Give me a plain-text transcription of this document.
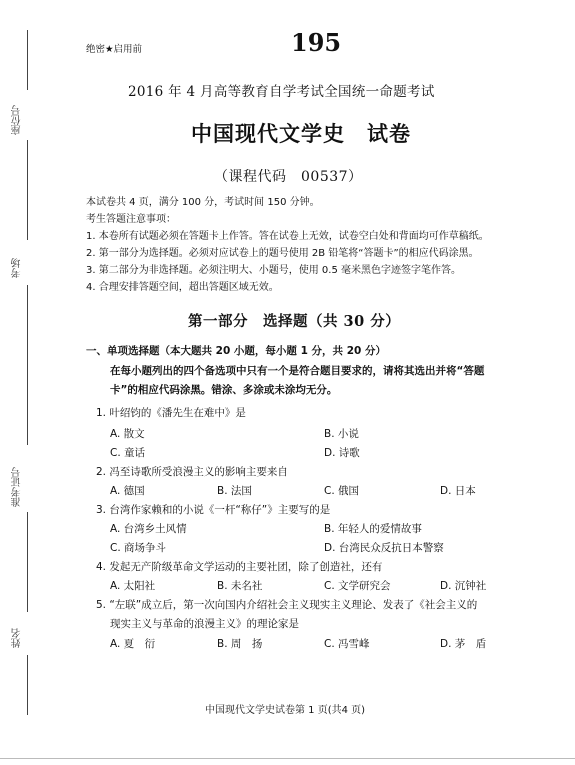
座位号
考场
准考证号
姓名
绝密★启用前	195
2016 年 4 月高等教育自学考试全国统一命题考试
中国现代文学史　试卷
（课程代码　00537）
本试卷共 4 页，满分 100 分，考试时间 150 分钟。
考生答题注意事项：
1. 本卷所有试题必须在答题卡上作答。答在试卷上无效，试卷空白处和背面均可作草稿纸。
2. 第一部分为选择题。必须对应试卷上的题号使用 2B 铅笔将“答题卡”的相应代码涂黑。
3. 第二部分为非选择题。必须注明大、小题号，使用 0.5 毫米黑色字迹签字笔作答。
4. 合理安排答题空间，超出答题区域无效。
第一部分　选择题（共 30 分）
一、单项选择题（本大题共 20 小题，每小题 1 分，共 20 分）
在每小题列出的四个备选项中只有一个是符合题目要求的，请将其选出并将“答题
卡”的相应代码涂黑。错涂、多涂或未涂均无分。
1. 叶绍钧的《潘先生在难中》是
A. 散文	B. 小说
C. 童话	D. 诗歌
2. 冯至诗歌所受浪漫主义的影响主要来自
A. 德国	B. 法国	C. 俄国	D. 日本
3. 台湾作家赖和的小说《一杆“称仔”》主要写的是
A. 台湾乡土风情	B. 年轻人的爱情故事
C. 商场争斗	D. 台湾民众反抗日本警察
4. 发起无产阶级革命文学运动的主要社团，除了创造社，还有
A. 太阳社	B. 未名社	C. 文学研究会	D. 沉钟社
5. “左联”成立后，第一次向国内介绍社会主义现实主义理论、发表了《社会主义的
现实主义与革命的浪漫主义》的理论家是
A. 夏　衍	B. 周　扬	C. 冯雪峰	D. 茅　盾
中国现代文学史试卷第 1 页(共4 页)
